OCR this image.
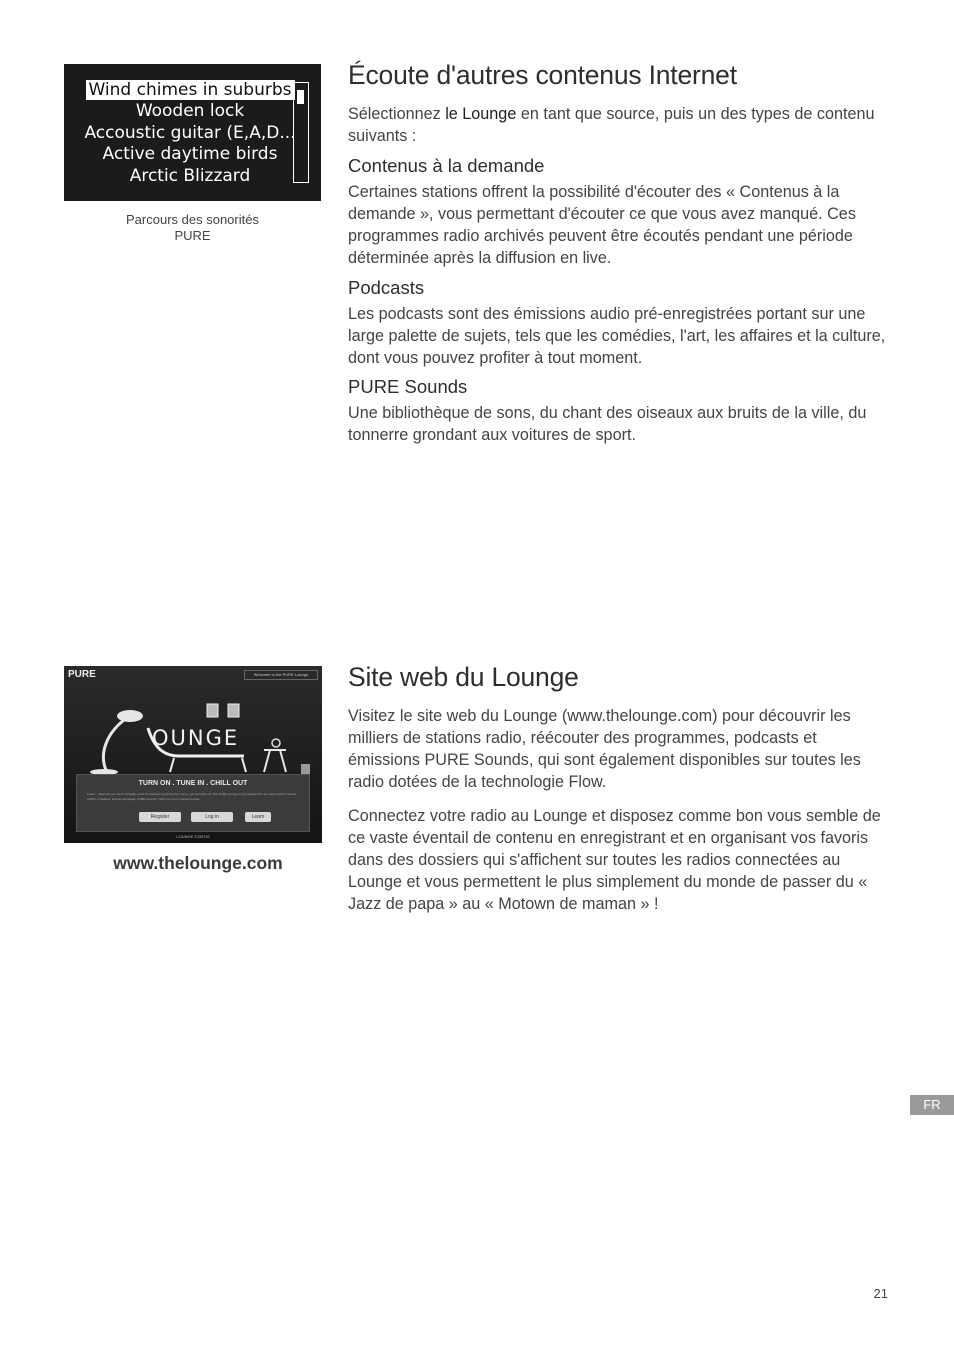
Wind chimes in suburbs
Wooden lock
Accoustic guitar (E,A,D...
Active daytime birds
Arctic Blizzard
Parcours des sonorités
PURE
Écoute d'autres contenus Internet

Sélectionnez le Lounge en tant que source, puis un des types de contenu suivants :

Contenus à la demande

Certaines stations offrent la possibilité d'écouter des « Contenus à la demande », vous permettant d'écouter ce que vous avez manqué. Ces programmes radio archivés peuvent être écoutés pendant une période déterminée après la diffusion en live.

Podcasts

Les podcasts sont des émissions audio pré-enregistrées portant sur une large palette de sujets, tels que les comédies, l'art, les affaires et la culture, dont vous pouvez profiter à tout moment.

PURE Sounds

Une bibliothèque de sons, du chant des oiseaux aux bruits de la ville, du tonnerre grondant aux voitures de sport.

PURE	Welcome to the PURE Lounge
OUNGE
TURN ON . TUNE IN . CHILL OUT
Listen... what can you hear? Actually, you'd be amazed: anything can, some, you can listen to. The PURE Lounge is your passport to an entire world of sound. 1000's of stations. Explore language. PURE Sounds. Thrill one of our natural sounds.
Register	Log in	Learn
LOUNGE STATUS
www.thelounge.com
Site web du Lounge

Visitez le site web du Lounge (www.thelounge.com) pour découvrir les milliers de stations radio, réécouter des programmes, podcasts et émissions PURE Sounds, qui sont également disponibles sur toutes les radio dotées de la technologie Flow.

Connectez votre radio au Lounge et disposez comme bon vous semble de ce vaste éventail de contenu en enregistrant et en organisant vos favoris dans des dossiers qui s'affichent sur toutes les radios connectées au Lounge et vous permettent le plus simplement du monde de passer du « Jazz de papa » au « Motown de maman » !

FR
21
